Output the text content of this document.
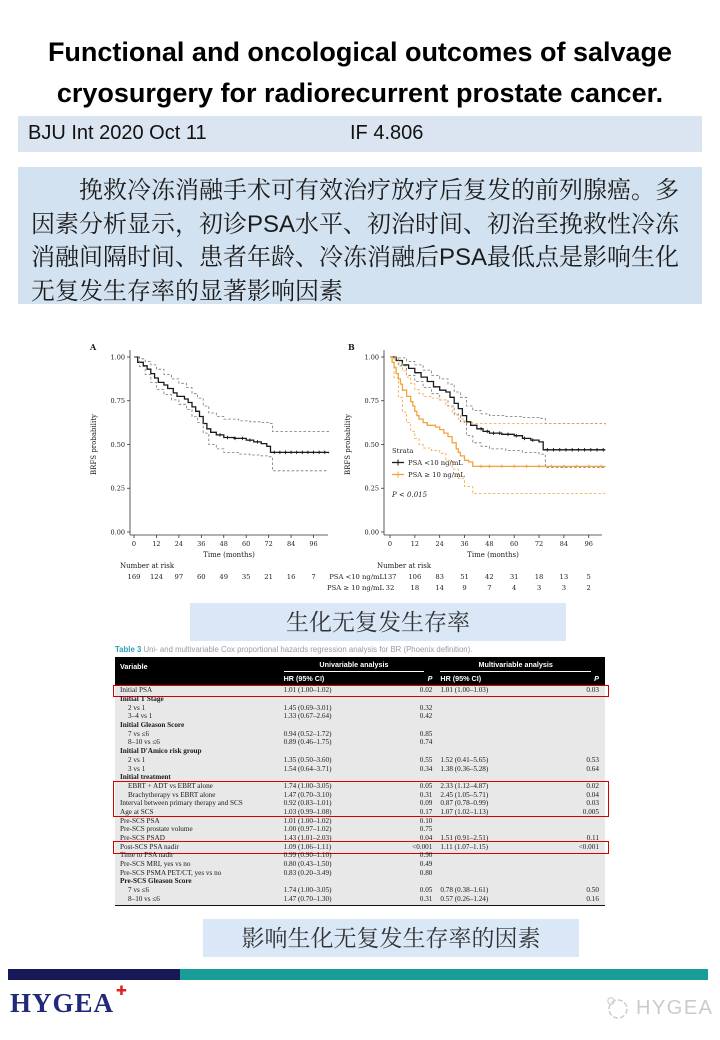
Functional and oncological outcomes of salvage cryosurgery for radiorecurrent prostate cancer.
BJU Int 2020 Oct 11	IF 4.806

挽救冷冻消融手术可有效治疗放疗后复发的前列腺癌。多因素分析显示，初诊PSA水平、初治时间、初治至挽救性冷冻消融间隔时间、患者年龄、冷冻消融后PSA最低点是影响生化无复发生存率的显著影响因素

A
1.00
0.75
0.50
0.25
0.00
BRFS probability
0 12 24 36 48 60 72 84 96
Time (months)
Number at risk
169 124 97 60 49 35 21 16 7
B
1.00
0.75
0.50
0.25
0.00
BRFS probability
0	12	24	36	48	60	72	84	96
Time (months)
Strata
PSA <10 ng/mL
PSA ≥ 10 ng/mL
P < 0.015
Number at risk
PSA <10 ng/mL 137 106 83 51 42 31 18 13	5
PSA ≥ 10 ng/mL 32 18 14	9	7	4	3	3	2
生化无复发生存率
Table 3 Uni- and multivariable Cox proportional hazards regression analysis for BR (Phoenix definition).
Variable	Univariable analysis
HR (95% CI)	P
Multivariable analysis
HR (95% CI)	P
Initial PSA	1.01 (1.00–1.02)	0.02	1.01 (1.00–1.03)	0.03
Initial T Stage
2 vs 1	1.45 (0.69–3.01)	0.32
3–4 vs 1	1.33 (0.67–2.64)	0.42
Initial Gleason Score
7 vs ≤6	0.94 (0.52–1.72)	0.85
8–10 vs ≤6	0.89 (0.46–1.75)	0.74
Initial D'Amico risk group
2 vs 1	1.35 (0.50–3.60)	0.55	1.52 (0.41–5.65)	0.53
3 vs 1	1.54 (0.64–3.71)	0.34	1.38 (0.36–5.28)	0.64
Initial treatment
EBRT + ADT vs EBRT alone	1.74 (1.00–3.05)	0.05	2.33 (1.12–4.87)	0.02
Brachytherapy vs EBRT alone	1.47 (0.70–3.10)	0.31	2.45 (1.05–5.71)	0.04
Interval between primary therapy and SCS	0.92 (0.83–1.01)	0.09	0.87 (0.78–0.99)	0.03
Age at SCS	1.03 (0.99–1.08)	0.17	1.07 (1.02–1.13)	0.005
Pre-SCS PSA	1.01 (1.00–1.02)	0.10
Pre-SCS prostate volume	1.00 (0.97–1.02)	0.75
Pre-SCS PSAD	1.43 (1.01–2.03)	0.04	1.51 (0.91–2.51)	0.11
Post-SCS PSA nadir	1.09 (1.06–1.11)	<0.001	1.11 (1.07–1.15)	<0.001
Time to PSA nadir	0.99 (0.90–1.10)	0.90
Pre-SCS MRI, yes vs no	0.80 (0.43–1.50)	0.49
Pre-SCS PSMA PET/CT, yes vs no	0.83 (0.20–3.49)	0.80
Pre-SCS Gleason Score
7 vs ≤6	1.74 (1.00–3.05)	0.05	0.78 (0.38–1.61)	0.50
8–10 vs ≤6	1.47 (0.70–1.30)	0.31	0.57 (0.26–1.24)	0.16
影响生化无复发生存率的因素
HYGEA ✚
HYGEA
